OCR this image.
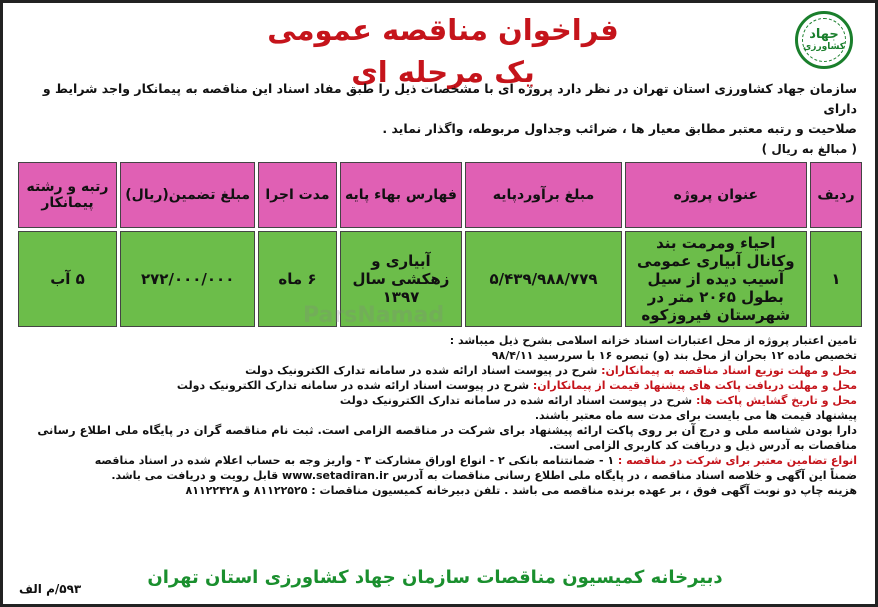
جهاد
کشاورزی
فراخوان مناقصه عمومی یک مرحله ای
سازمان جهاد کشاورزی استان تهران در نظر دارد پروژه ای با مشخصات ذیل را طبق مفاد اسناد این مناقصه به پیمانکار واجد شرایط و دارای
صلاحیت و رتبه معتبر مطابق معیار ها ، ضرائب وجداول مربوطه، واگذار نماید .
( مبالغ به ریال )
ردیف	عنوان پروژه	مبلغ برآوردپایه	فهارس بهاء پایه	مدت اجرا	مبلغ تضمین(ریال)	رتبه و رشته پیمانکار
۱	احیاء ومرمت بند وکانال آبیاری عمومی آسیب دیده از سیل بطول ۲۰۶۵ متر در شهرستان فیروزکوه	۵/۴۳۹/۹۸۸/۷۷۹	آبیاری و زهکشی سال ۱۳۹۷	۶ ماه	۲۷۲/۰۰۰/۰۰۰	۵ آب
تامین اعتبار پروژه از محل اعتبارات اسناد خزانه اسلامی بشرح ذیل میباشد :
تخصیص ماده ۱۲ بحران از محل بند (و) تبصره ۱۶ با سررسید ۹۸/۴/۱۱
محل و مهلت توزیع اسناد مناقصه به پیمانکاران: شرح در پیوست اسناد ارائه شده در سامانه تدارک الکترونیک دولت
محل و مهلت دریافت پاکت های پیشنهاد قیمت از پیمانکاران: شرح در پیوست اسناد ارائه شده در سامانه تدارک الکترونیک دولت
محل و تاریخ گشایش پاکت ها: شرح در پیوست اسناد ارائه شده در سامانه تدارک الکترونیک دولت
پیشنهاد قیمت ها می بایست برای مدت سه ماه معتبر باشند.
دارا بودن شناسه ملی و درج آن بر روی پاکت ارائه پیشنهاد برای شرکت در مناقصه الزامی است. ثبت نام مناقصه گران در پایگاه ملی اطلاع رسانی
مناقصات به آدرس ذیل و دریافت کد کاربری الزامی است.
انواع تضامین معتبر برای شرکت در مناقصه : ۱ - ضمانتنامه بانکی ۲ - انواع اوراق مشارکت ۳ - واریز وجه به حساب اعلام شده در اسناد مناقصه
ضمناً این آگهی و خلاصه اسناد مناقصه ، در پایگاه ملی اطلاع رسانی مناقصات به آدرس www.setadiran.ir قابل رویت و دریافت می باشد.
هزینه چاپ دو نوبت آگهی فوق ، بر عهده برنده مناقصه می باشد . تلفن دبیرخانه کمیسیون مناقصات : ۸۱۱۲۲۵۲۵ و ۸۱۱۲۲۴۲۸
ParsNamad
دبیرخانه کمیسیون مناقصات سازمان جهاد کشاورزی استان تهران
۵۹۳/م الف
